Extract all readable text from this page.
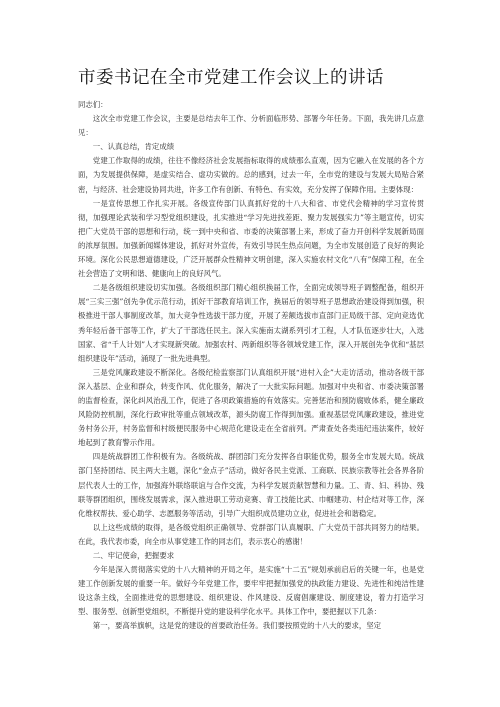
市委书记在全市党建工作会议上的讲话

同志们：

这次全市党建工作会议，主要是总结去年工作、分析面临形势、部署今年任务。下面，我先讲几点意见：

一、认真总结，肯定成绩

党建工作取得的成绩，往往不像经济社会发展指标取得的成绩那么直观，因为它融入在发展的各个方面，为发展提供保障，是虚实结合、虚功实做的。总的感到，过去一年，全市党的建设与发展大局贴合紧密，与经济、社会建设协同共进，许多工作有创新、有特色、有实效，充分发挥了保障作用。主要体现：

一是宣传思想工作扎实开展。各级宣传部门认真抓好党的十八大和省、市党代会精神的学习宣传贯彻，加强理论武装和学习型党组织建设，扎实推进“学习先进找差距、聚力发展强实力”等主题宣传，切实把广大党员干部的思想和行动，统一到中央和省、市委的决策部署上来，形成了奋力开创科学发展新局面的浓厚氛围。加强新闻媒体建设，抓好对外宣传，有效引导民生热点问题，为全市发展创造了良好的舆论环境。深化公民思想道德建设，广泛开展群众性精神文明创建，深入实施农村文化“八有”保障工程，在全社会营造了文明和谐、健康向上的良好风气。

二是各级组织建设切实加强。各级组织部门精心组织换届工作，全面完成领导班子调整配备，组织开展“三实三强”创先争优示范行动，抓好干部教育培训工作，换届后的领导班子思想政治建设得到加强，积极推进干部人事制度改革，加大竞争性选拔干部力度，开展了差额选拔市直部门正局级干部、定向竞选优秀年轻后备干部等工作，扩大了干部选任民主。深入实施南太湖系列引才工程，人才队伍逐步壮大，入选国家、省“千人计划”人才实现新突破。加强农村、两新组织等各领域党建工作，深入开展创先争优和“基层组织建设年”活动，涌现了一批先进典型。

三是党风廉政建设不断深化。各级纪检监察部门认真组织开展“进村入企”大走访活动，推动各级干部深入基层、企业和群众，转变作风、优化服务，解决了一大批实际问题。加强对中央和省、市委决策部署的监督检查，深化纠风治乱工作，促进了各项政策措施的有效落实。完善惩治和预防腐败体系，健全廉政风险防控机制，深化行政审批等重点领域改革，源头防腐工作得到加强。重视基层党风廉政建设，推进党务村务公开，村务监督和村级便民服务中心规范化建设走在全省前列。严肃查处各类违纪违法案件，较好地起到了教育警示作用。

四是统战群团工作积极有为。各级统战、群团部门充分发挥各自职能优势，服务全市发展大局。统战部门坚持团结、民主两大主题，深化“金点子”活动，做好各民主党派、工商联、民族宗教等社会各界各阶层代表人士的工作，加强海外联络联谊与合作交流，为科学发展贡献智慧和力量。工、青、妇、科协、残联等群团组织，围绕发展需求，深入推进职工劳动竞赛、青工技能比武、巾帼建功、村企结对等工作，深化维权帮扶、爱心助学、志愿服务等活动，引导广大组织成员建功立业，促进社会和谐稳定。

以上这些成绩的取得，是各级党组织正确领导、党群部门认真履职、广大党员干部共同努力的结果。在此，我代表市委，向全市从事党建工作的同志们，表示衷心的感谢！

二、牢记使命，把握要求

今年是深入贯彻落实党的十八大精神的开局之年，是实施“十二五”规划承前启后的关键一年，也是党建工作创新发展的重要一年。做好今年党建工作，要牢牢把握加强党的执政能力建设、先进性和纯洁性建设这条主线，全面推进党的思想建设、组织建设、作风建设、反腐倡廉建设、制度建设，着力打造学习型、服务型、创新型党组织，不断提升党的建设科学化水平。具体工作中，要把握以下几条：

第一，要高举旗帜，这是党的建设的首要政治任务。我们要按照党的十八大的要求，坚定
